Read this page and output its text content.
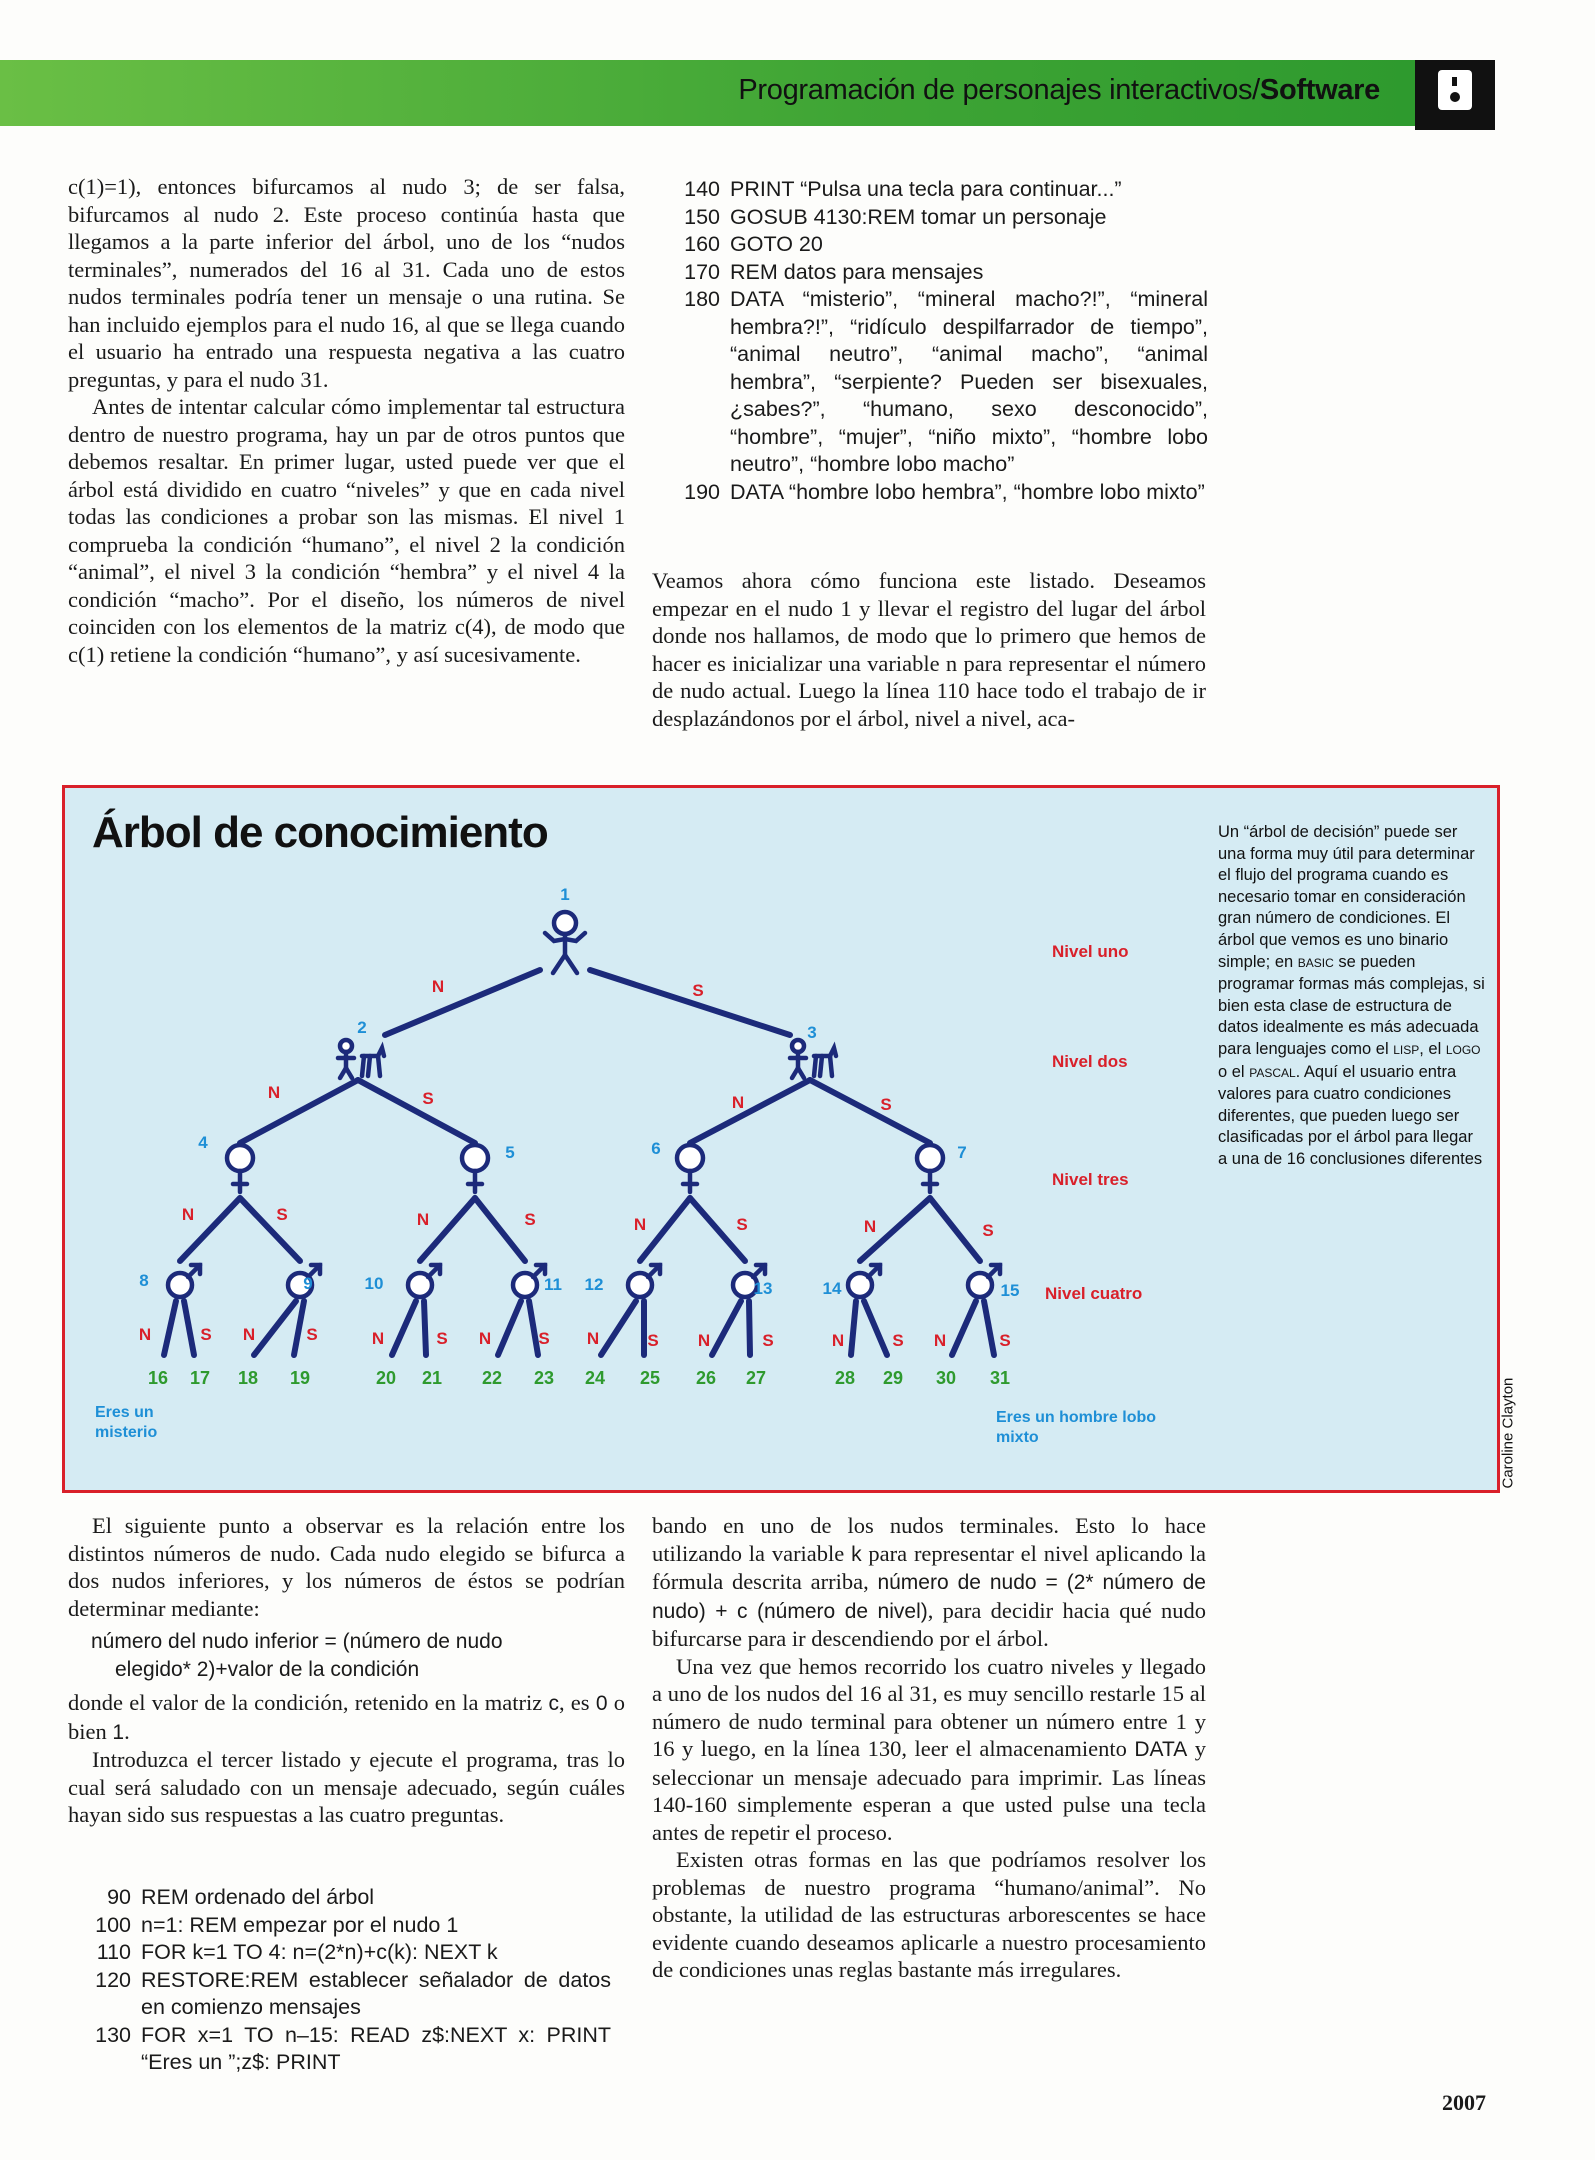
Programación de personajes interactivos/Software

c(1)=1), entonces bifurcamos al nudo 3; de ser falsa, bifurcamos al nudo 2. Este proceso continúa hasta que llegamos a la parte inferior del árbol, uno de los “nudos terminales”, numerados del 16 al 31. Cada uno de estos nudos terminales podría tener un mensaje o una rutina. Se han incluido ejemplos para el nudo 16, al que se llega cuando el usuario ha entrado una respuesta negativa a las cuatro preguntas, y para el nudo 31.

Antes de intentar calcular cómo implementar tal estructura dentro de nuestro programa, hay un par de otros puntos que debemos resaltar. En primer lugar, usted puede ver que el árbol está dividido en cuatro “niveles” y que en cada nivel todas las condiciones a probar son las mismas. El nivel 1 comprueba la condición “humano”, el nivel 2 la condición “animal”, el nivel 3 la condición “hembra” y el nivel 4 la condición “macho”. Por el diseño, los números de nivel coinciden con los elementos de la matriz c(4), de modo que c(1) retiene la condición “humano”, y así sucesivamente.

140 PRINT “Pulsa una tecla para continuar...”
150 GOSUB 4130:REM tomar un personaje
160 GOTO 20
170 REM datos para mensajes
180 DATA “misterio”, “mineral macho?!”, “mineral hembra?!”, “ridículo despilfarrador de tiempo”, “animal neutro”, “animal macho”, “animal hembra”, “serpiente? Pueden ser bisexuales, ¿sabes?”, “humano, sexo desconocido”, “hombre”, “mujer”, “niño mixto”, “hombre lobo neutro”, “hombre lobo macho”
190 DATA “hombre lobo hembra”, “hombre lobo mixto”

Veamos ahora cómo funciona este listado. Deseamos empezar en el nudo 1 y llevar el registro del lugar del árbol donde nos hallamos, de modo que lo primero que hemos de hacer es inicializar una variable n para representar el número de nudo actual. Luego la línea 110 hace todo el trabajo de ir desplazándonos por el árbol, nivel a nivel, aca-

Árbol de conocimiento
1
2	3
4
5	6	7
8	9	10	11 12	13	14	15
N	S
N	S	N	S
N	S	N	S	N	S	N	S
N	S N	S	N	S N	S N	S N	S	N	S N	S
16 17 18 19	20 21 22 23 24 25 26 27	28 29 30 31
Nivel uno
Nivel dos
Nivel tres
Nivel cuatro
Eres un
misterio
Eres un hombre lobo
mixto
Un “árbol de decisión” puede ser una forma muy útil para determinar el flujo del programa cuando es necesario tomar en consideración gran número de condiciones. El árbol que vemos es uno binario simple; en BASIC se pueden programar formas más complejas, si bien esta clase de estructura de datos idealmente es más adecuada para lenguajes como el LISP, el LOGO o el PASCAL. Aquí el usuario entra valores para cuatro condiciones diferentes, que pueden luego ser clasificadas por el árbol para llegar a una de 16 conclusiones diferentes
Caroline Clayton

El siguiente punto a observar es la relación entre los distintos números de nudo. Cada nudo elegido se bifurca a dos nudos inferiores, y los números de éstos se podrían determinar mediante:

número del nudo inferior = (número de nudo
elegido* 2)+valor de la condición

donde el valor de la condición, retenido en la matriz c, es 0 o bien 1.

Introduzca el tercer listado y ejecute el programa, tras lo cual será saludado con un mensaje adecuado, según cuáles hayan sido sus respuestas a las cuatro preguntas.

90 REM ordenado del árbol
100 n=1: REM empezar por el nudo 1
110 FOR k=1 TO 4: n=(2*n)+c(k): NEXT k
120 RESTORE:REM establecer señalador de datos en comienzo mensajes
130 FOR x=1 TO n–15: READ z$:NEXT x: PRINT “Eres un ”;z$: PRINT

bando en uno de los nudos terminales. Esto lo hace utilizando la variable k para representar el nivel aplicando la fórmula descrita arriba, número de nudo = (2* número de nudo) + c (número de nivel), para decidir hacia qué nudo bifurcarse para ir descendiendo por el árbol.

Una vez que hemos recorrido los cuatro niveles y llegado a uno de los nudos del 16 al 31, es muy sencillo restarle 15 al número de nudo terminal para obtener un número entre 1 y 16 y luego, en la línea 130, leer el almacenamiento DATA y seleccionar un mensaje adecuado para imprimir. Las líneas 140-160 simplemente esperan a que usted pulse una tecla antes de repetir el proceso.

Existen otras formas en las que podríamos resolver los problemas de nuestro programa “humano/animal”. No obstante, la utilidad de las estructuras arborescentes se hace evidente cuando deseamos aplicarle a nuestro procesamiento de condiciones unas reglas bastante más irregulares.

2007
